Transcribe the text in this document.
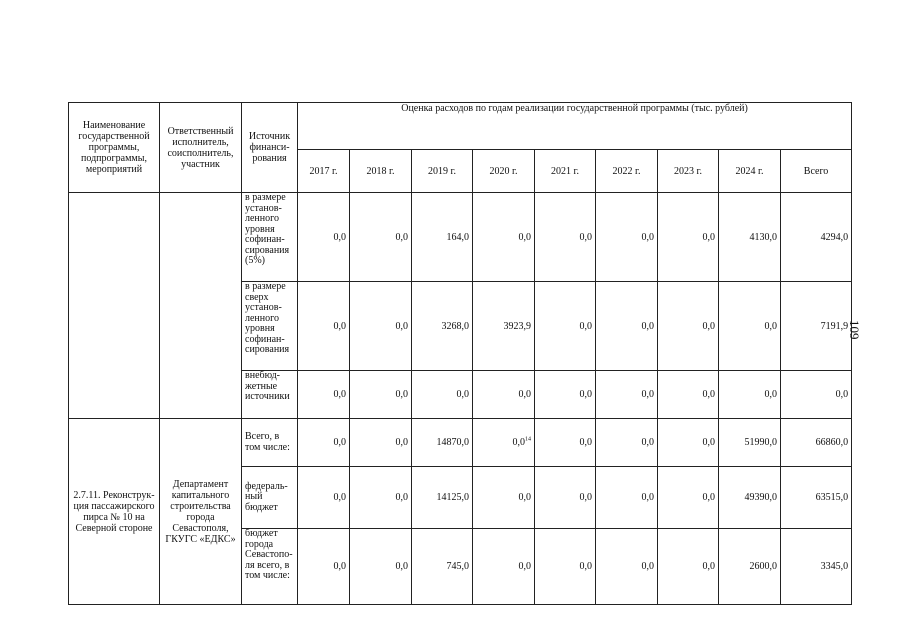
Наименование государственной программы, подпрограммы, мероприятий	Ответственный исполнитель, соисполнитель, участник	Источник финанси-рования	Оценка расходов по годам реализации государственной программы (тыс. рублей)								
			2017 г.	2018 г.	2019 г.	2020 г.	2021 г.	2022 г.	2023 г.	2024 г.	Всего
		в размере установ-ленного уровня софинан-сирования (5%)	0,0	0,0	164,0	0,0	0,0	0,0	0,0	4130,0	4294,0
		в размере сверх установ-ленного уровня софинан-сирования	0,0	0,0	3268,0	3923,9	0,0	0,0	0,0	0,0	7191,9
		внебюд-жетные источники	0,0	0,0	0,0	0,0	0,0	0,0	0,0	0,0	0,0
2.7.11. Реконструк-ция пассажирского пирса № 10 на Северной стороне	Департамент капитального строительства города Севастополя, ГКУГС «ЕДКС»	Всего, в том числе:	0,0	0,0	14870,0	$0,0^{14}$	0,0	0,0	0,0	51990,0	66860,0
		федераль-ный бюджет	0,0	0,0	14125,0	0,0	0,0	0,0	0,0	49390,0	63515,0
		бюджет города Севастопо-ля всего, в том числе:	0,0	0,0	745,0	0,0	0,0	0,0	0,0	2600,0	3345,0
109
